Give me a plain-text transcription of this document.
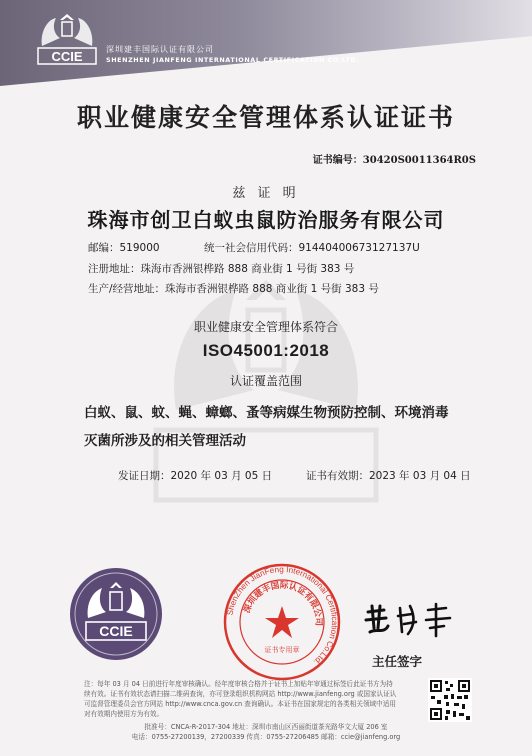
CCIE	深圳建丰国际认证有限公司
SHENZHEN JIANFENG INTERNATIONAL CERTIFICATION CO.LTD.
职业健康安全管理体系认证证书
证书编号：30420S0011364R0S
兹 证 明
珠海市创卫白蚁虫鼠防治服务有限公司
邮编：519000	统一社会信用代码：91440400673127137U
注册地址：珠海市香洲银桦路 888 商业街 1 号街 383 号
生产/经营地址：珠海市香洲银桦路 888 商业街 1 号街 383 号
职业健康安全管理体系符合
ISO45001:2018
认证覆盖范围
白蚁、鼠、蚊、蝇、蟑螂、蚤等病媒生物预防控制、环境消毒
灭菌所涉及的相关管理活动
发证日期：2020 年 03 月 05 日	证书有效期：2023 年 03 月 04 日
CCIE
ShenZhen JianFeng International Certification Co.Ltd.
深圳建丰国际认证有限公司
证书专用章
主任签字
注：每年 03 月 04 日前进行年度审核确认。经年度审核合格并于证书上加贴年审通过标签后此证书方为持
续有效。证书有效状态请扫描二维码查询，亦可登录组织机构网站 http://www.jianfeng.org 或国家认证认
可监督管理委员会官方网站 http://www.cnca.gov.cn 查询确认。本证书在国家规定的各类相关领域中适用
对有效期内使用方为有效。
批准号：CNCA-R-2017-304 地址：深圳市南山区西丽街道茶光路华文大厦 206 室
电话：0755-27200139，27200339 传真：0755-27206485 邮箱：ccie@jianfeng.org
